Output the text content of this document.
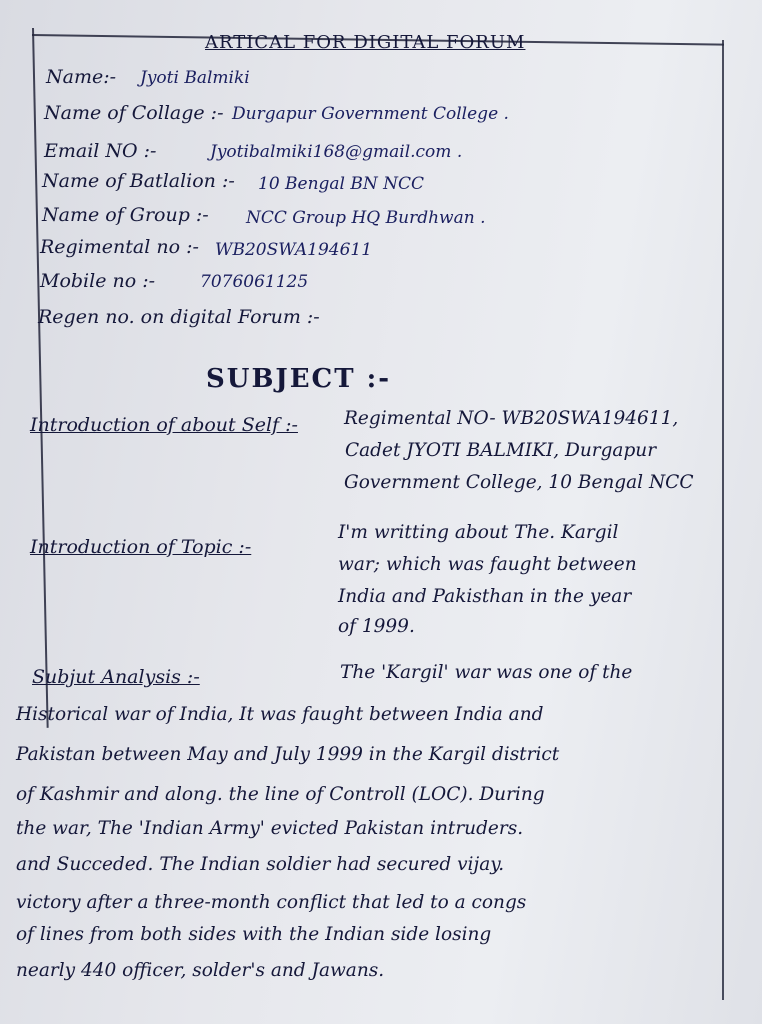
ARTICAL FOR DIGITAL FORUM
Name:- Jyoti Balmiki
Name of Collage :- Durgapur Government College .
Email NO :-	Jyotibalmiki168@gmail.com .
Name of Batlalion :- 10 Bengal BN NCC
Name of Group :- NCC Group HQ Burdhwan .
Regimental no :- WB20SWA194611
Mobile no :-	7076061125
Regen no. on digital Forum :-
SUBJECT :-
Introduction of about Self :- Regimental NO- WB20SWA194611,
Cadet JYOTI BALMIKI, Durgapur
Government College, 10 Bengal NCC
Introduction of Topic :-
I'm writting about The. Kargil
war; which was faught between
India and Pakisthan in the year
of 1999.
Subjut Analysis :-	The 'Kargil' war was one of the
Historical war of India, It was faught between India and
Pakistan between May and July 1999 in the Kargil district
of Kashmir and along. the line of Controll (LOC). During
the war, The 'Indian Army' evicted Pakistan intruders.
and Succeded. The Indian soldier had secured vijay.
victory after a three-month conflict that led to a congs
of lines from both sides with the Indian side losing
nearly 440 officer, solder's and Jawans.
